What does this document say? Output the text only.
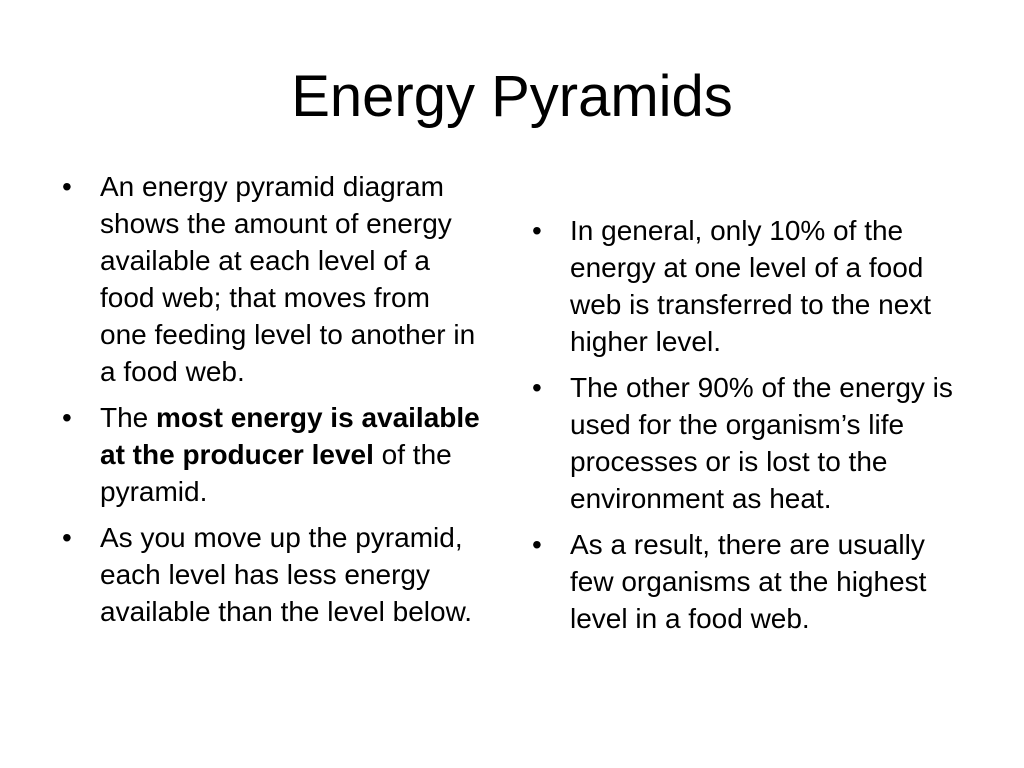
Energy Pyramids
•	An energy pyramid diagram shows the amount of energy available at each level of a food web; that moves from one feeding level to another in a food web.
•	The most energy is available at the producer level of the pyramid.
•	As you move up the pyramid, each level has less energy available than the level below.
•	In general, only 10% of the energy at one level of a food web is transferred to the next higher level.
•	The other 90% of the energy is used for the organism’s life processes or is lost to the environment as heat.
•	As a result, there are usually few organisms at the highest level in a food web.
